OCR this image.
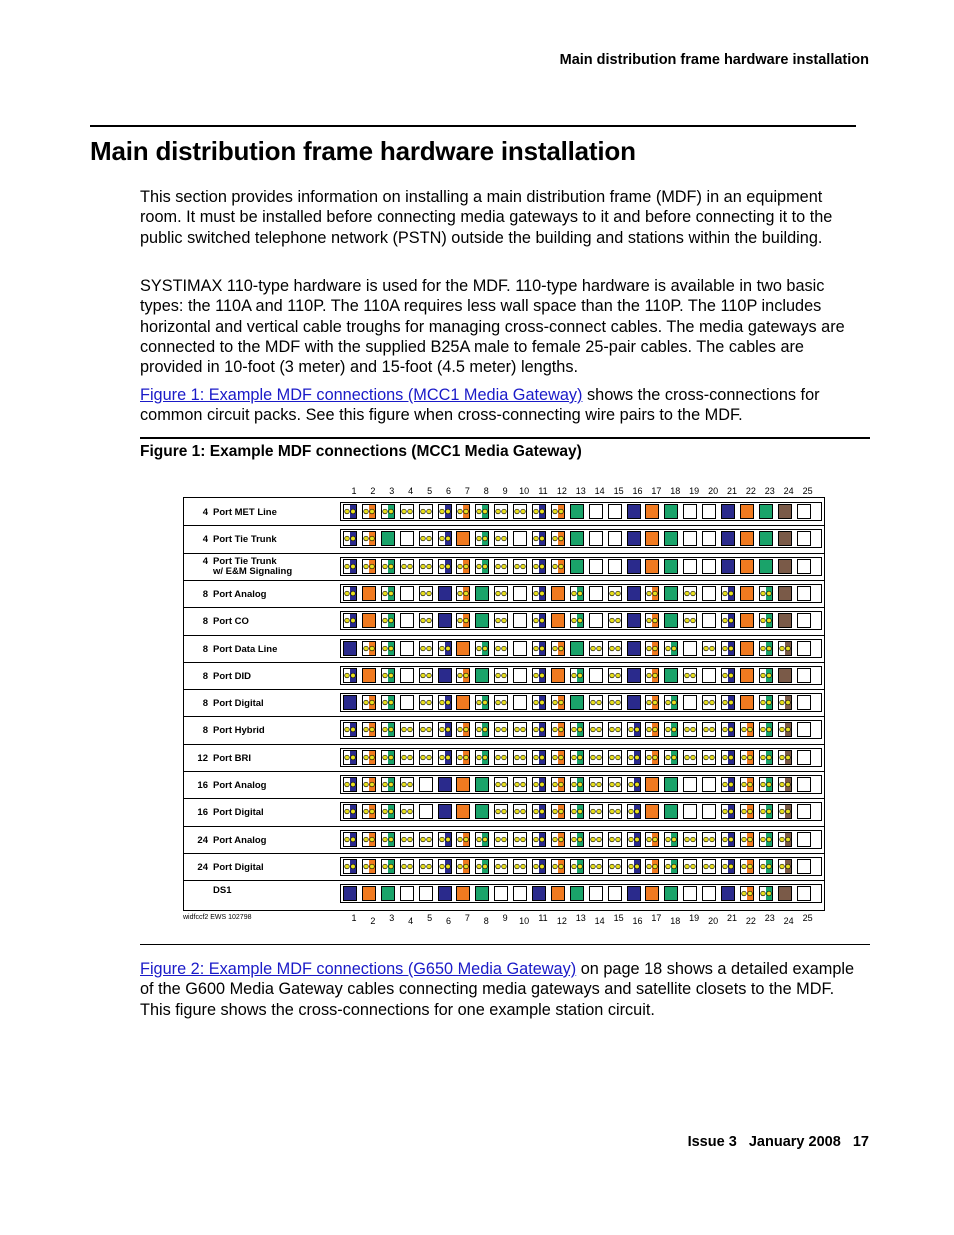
Main distribution frame hardware installation
Main distribution frame hardware installation

This section provides information on installing a main distribution frame (MDF) in an equipment room. It must be installed before connecting media gateways to it and before connecting it to the public switched telephone network (PSTN) outside the building and stations within the building.

SYSTIMAX 110-type hardware is used for the MDF. 110-type hardware is available in two basic types: the 110A and 110P. The 110A requires less wall space than the 110P. The 110P includes horizontal and vertical cable troughs for managing cross-connect cables. The media gateways are connected to the MDF with the supplied B25A male to female 25-pair cables. The cables are provided in 10-foot (3 meter) and 15-foot (4.5 meter) lengths.

Figure 1: Example MDF connections (MCC1 Media Gateway) shows the cross-connections for common circuit packs. See this figure when cross-connecting wire pairs to the MDF.

Figure 1: Example MDF connections (MCC1 Media Gateway)
1	2	3	4	5	6	7	8	9	10	11	12 13 14 15 16 17 18 19 20 21 22 23 24 25
4 Port MET Line
4 Port Tie Trunk
4 Port Tie Trunk
w/ E&M Signaling
8 Port Analog
8 Port CO
8 Port Data Line
8 Port DID
8 Port Digital
8 Port Hybrid
12 Port BRI
16 Port Analog
16 Port Digital
24 Port Analog
24 Port Digital
DS1
1	2	3	4	5	6	7	8	9	10	11	12 13 14 15 16 17 18 19 20 21 22 23 24 25
widfccf2 EWS 102798

Figure 2: Example MDF connections (G650 Media Gateway) on page 18 shows a detailed example of the G600 Media Gateway cables connecting media gateways and satellite closets to the MDF. This figure shows the cross-connections for one example station circuit.

Issue 3 January 2008 17
